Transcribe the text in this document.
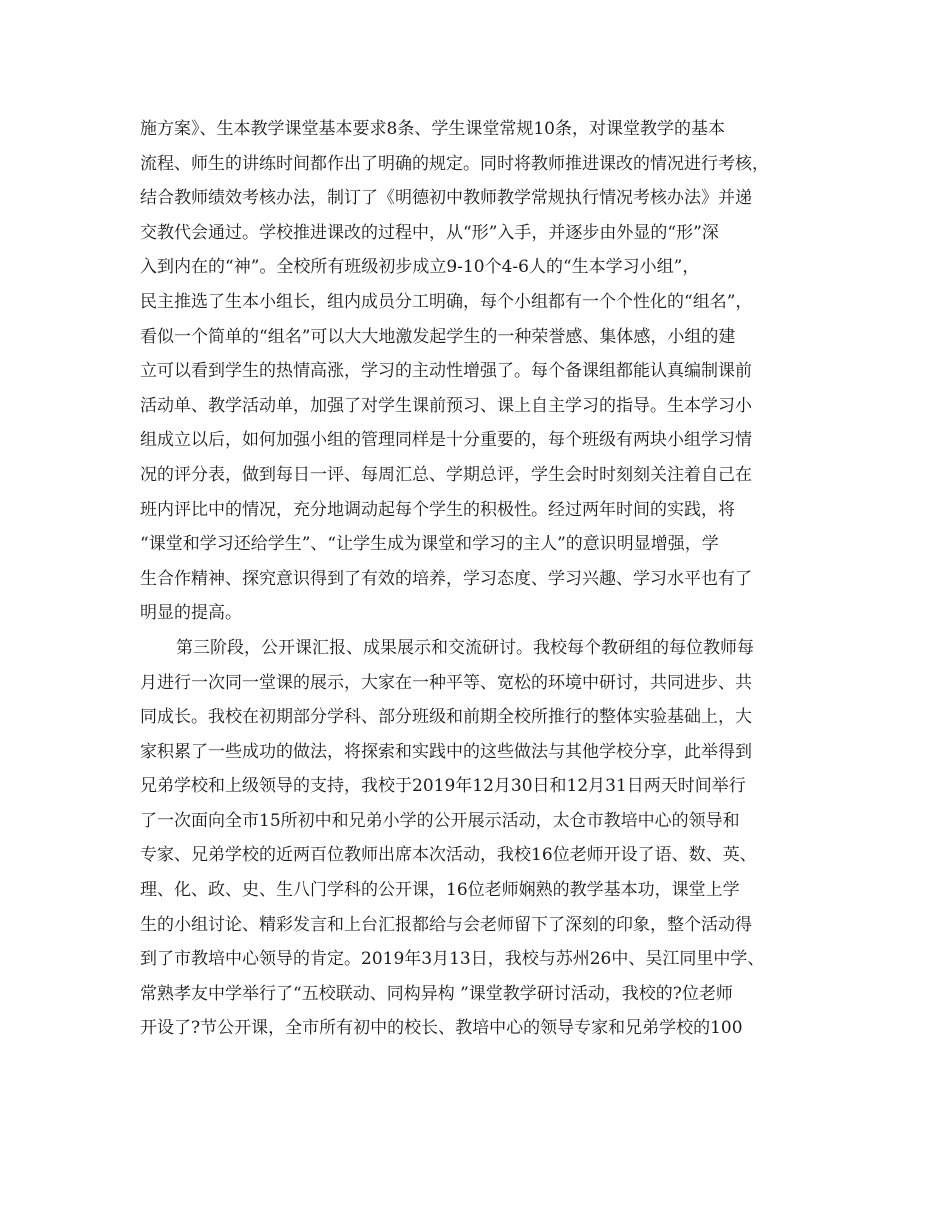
施方案》、生本教学课堂基本要求8条、学生课堂常规10条，对课堂教学的基本
流程、师生的讲练时间都作出了明确的规定。同时将教师推进课改的情况进行考核，
结合教师绩效考核办法，制订了《明德初中教师教学常规执行情况考核办法》并递
交教代会通过。学校推进课改的过程中，从“形”入手，并逐步由外显的“形”深
入到内在的“神”。全校所有班级初步成立9-10个4-6人的“生本学习小组”，
民主推选了生本小组长，组内成员分工明确，每个小组都有一个个性化的“组名”，
看似一个简单的“组名”可以大大地激发起学生的一种荣誉感、集体感，小组的建
立可以看到学生的热情高涨，学习的主动性增强了。每个备课组都能认真编制课前
活动单、教学活动单，加强了对学生课前预习、课上自主学习的指导。生本学习小
组成立以后，如何加强小组的管理同样是十分重要的，每个班级有两块小组学习情
况的评分表，做到每日一评、每周汇总、学期总评，学生会时时刻刻关注着自己在
班内评比中的情况，充分地调动起每个学生的积极性。经过两年时间的实践，将
“课堂和学习还给学生”、“让学生成为课堂和学习的主人”的意识明显增强，学
生合作精神、探究意识得到了有效的培养，学习态度、学习兴趣、学习水平也有了
明显的提高。
第三阶段，公开课汇报、成果展示和交流研讨。我校每个教研组的每位教师每
月进行一次同一堂课的展示，大家在一种平等、宽松的环境中研讨，共同进步、共
同成长。我校在初期部分学科、部分班级和前期全校所推行的整体实验基础上，大
家积累了一些成功的做法，将探索和实践中的这些做法与其他学校分享，此举得到
兄弟学校和上级领导的支持，我校于2019年12月30日和12月31日两天时间举行
了一次面向全市15所初中和兄弟小学的公开展示活动，太仓市教培中心的领导和
专家、兄弟学校的近两百位教师出席本次活动，我校16位老师开设了语、数、英、
理、化、政、史、生八门学科的公开课，16位老师娴熟的教学基本功，课堂上学
生的小组讨论、精彩发言和上台汇报都给与会老师留下了深刻的印象，整个活动得
到了市教培中心领导的肯定。2019年3月13日，我校与苏州26中、吴江同里中学、
常熟孝友中学举行了“五校联动、同构异构 ”课堂教学研讨活动，我校的?位老师
开设了?节公开课，全市所有初中的校长、教培中心的领导专家和兄弟学校的100
